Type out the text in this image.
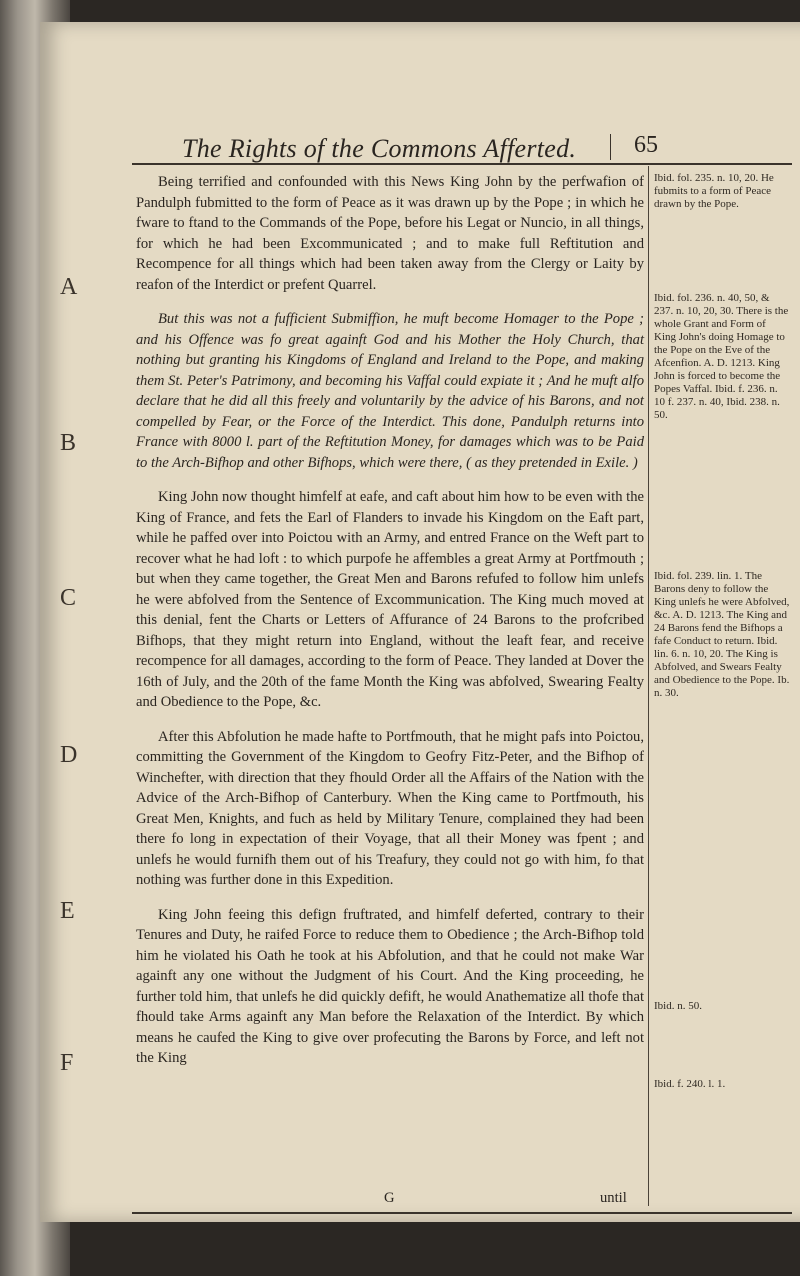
A
B
C
D
E
F
The Rights of the Commons Afferted. 65

Being terrified and confounded with this News King John by the perfwafion of Pandulph fubmitted to the form of Peace as it was drawn up by the Pope ; in which he fware to ftand to the Commands of the Pope, before his Legat or Nuncio, in all things, for which he had been Excommunicated ; and to make full Reftitution and Recompence for all things which had been taken away from the Clergy or Laity by reafon of the Interdict or prefent Quarrel.

But this was not a fufficient Submiffion, he muft become Homager to the Pope ; and his Offence was fo great againft God and his Mother the Holy Church, that nothing but granting his Kingdoms of England and Ireland to the Pope, and making them St. Peter's Patrimony, and becoming his Vaffal could expiate it ; And he muft alfo declare that he did all this freely and voluntarily by the advice of his Barons, and not compelled by Fear, or the Force of the Interdict. This done, Pandulph returns into France with 8000 l. part of the Reftitution Money, for damages which was to be Paid to the Arch-Bifhop and other Bifhops, which were there, ( as they pretended in Exile. )

King John now thought himfelf at eafe, and caft about him how to be even with the King of France, and fets the Earl of Flanders to invade his Kingdom on the Eaft part, while he paffed over into Poictou with an Army, and entred France on the Weft part to recover what he had loft : to which purpofe he affembles a great Army at Portfmouth ; but when they came together, the Great Men and Barons refufed to follow him unlefs he were abfolved from the Sentence of Excommunication. The King much moved at this denial, fent the Charts or Letters of Affurance of 24 Barons to the profcribed Bifhops, that they might return into England, without the leaft fear, and receive recompence for all damages, according to the form of Peace. They landed at Dover the 16th of July, and the 20th of the fame Month the King was abfolved, Swearing Fealty and Obedience to the Pope, &c.

After this Abfolution he made hafte to Portfmouth, that he might pafs into Poictou, committing the Government of the Kingdom to Geofry Fitz-Peter, and the Bifhop of Winchefter, with direction that they fhould Order all the Affairs of the Nation with the Advice of the Arch-Bifhop of Canterbury. When the King came to Portfmouth, his Great Men, Knights, and fuch as held by Military Tenure, complained they had been there fo long in expectation of their Voyage, that all their Money was fpent ; and unlefs he would furnifh them out of his Treafury, they could not go with him, fo that nothing was further done in this Expedition.

King John feeing this defign fruftrated, and himfelf deferted, contrary to their Tenures and Duty, he raifed Force to reduce them to Obedience ; the Arch-Bifhop told him he violated his Oath he took at his Abfolution, and that he could not make War againft any one without the Judgment of his Court. And the King proceeding, he further told him, that unlefs he did quickly defift, he would Anathematize all thofe that fhould take Arms againft any Man before the Relaxation of the Interdict. By which means he caufed the King to give over profecuting the Barons by Force, and left not the King

Ibid. fol. 235. n. 10, 20. He fubmits to a form of Peace drawn by the Pope.
Ibid. fol. 236. n. 40, 50, & 237. n. 10, 20, 30. There is the whole Grant and Form of King John's doing Homage to the Pope on the Eve of the Afcenfion. A. D. 1213. King John is forced to become the Popes Vaffal. Ibid. f. 236. n. 10 f. 237. n. 40, Ibid. 238. n. 50.
Ibid. fol. 239. lin. 1. The Barons deny to follow the King unlefs he were Abfolved, &c. A. D. 1213. The King and 24 Barons fend the Bifhops a fafe Conduct to return. Ibid. lin. 6. n. 10, 20. The King is Abfolved, and Swears Fealty and Obedience to the Pope. Ib. n. 30.
Ibid. n. 50.
Ibid. f. 240. l. 1.
G	until
